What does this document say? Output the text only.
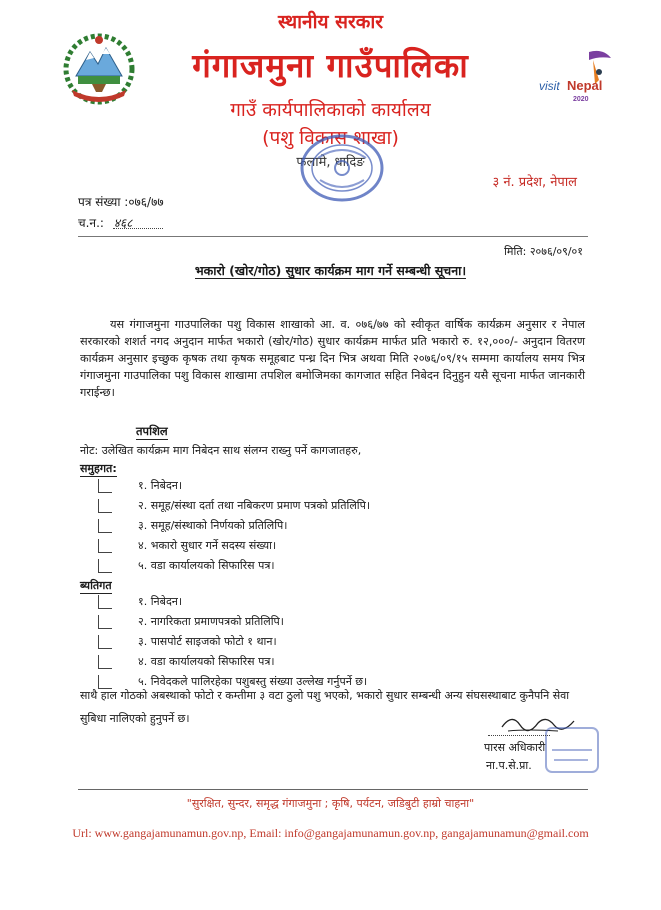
visit Nepal
2020
स्थानीय सरकार
गंगाजमुना गाउँपालिका
गाउँ कार्यपालिकाको कार्यालय
(पशु विकास शाखा)
फलामे, धादिङ
३ नं. प्रदेश, नेपाल
पत्र संख्या :०७६/७७
च.न.: ४६८
मिति: २०७६/०९/०१
भकारो (खोर/गोठ) सुधार कार्यक्रम माग गर्ने सम्बन्धी सूचना।
यस गंगाजमुना गाउपालिका पशु विकास शाखाको आ. व. ०७६/७७ को स्वीकृत वार्षिक कार्यक्रम अनुसार र नेपाल सरकारको शशर्त नगद अनुदान मार्फत भकारो (खोर/गोठ) सुधार कार्यक्रम मार्फत प्रति भकारो रु. १२,०००/- अनुदान वितरण कार्यक्रम अनुसार इच्छुक कृषक तथा कृषक समूहबाट पन्ध्र दिन भित्र अथवा मिति २०७६/०९/१५ सम्ममा कार्यालय समय भित्र गंगाजमुना गाउपालिका पशु विकास शाखामा तपशिल बमोजिमका कागजात सहित निबेदन दिनुहुन यसै सूचना मार्फत जानकारी गराईन्छ।
तपशिल
नोट: उलेखित कार्यक्रम माग निबेदन साथ संलग्न राख्नु पर्ने कागजातहरु,
समुहगत:
१. निबेदन।
२. समूह/संस्था दर्ता तथा नबिकरण प्रमाण पत्रको प्रतिलिपि।
३. समूह/संस्थाको निर्णयको प्रतिलिपि।
४. भकारो सुधार गर्ने सदस्य संख्या।
५. वडा कार्यालयको सिफारिस पत्र।
ब्यतिगत
१. निबेदन।
२. नागरिकता प्रमाणपत्रको प्रतिलिपि।
३. पासपोर्ट साइजको फोटो १ थान।
४. वडा कार्यालयको सिफारिस पत्र।
५. निवेदकले पालिरहेका पशुबस्तु संख्या उल्लेख गर्नुपर्ने छ।
साथै हाल गोठको अबस्थाको फोटो र कम्तीमा ३ वटा ठुलो पशु भएको, भकारो सुधार सम्बन्धी अन्य संघसस्थाबाट कुनैपनि सेवा सुबिधा नालिएको हुनुपर्ने छ।
पारस अधिकारी
ना.प.से.प्रा.
"सुरक्षित, सुन्दर, समृद्ध गंगाजमुना ; कृषि, पर्यटन, जडिबुटी हाम्रो चाहना"
Url: www.gangajamunamun.gov.np, Email: info@gangajamunamun.gov.np, gangajamunamun@gmail.com
